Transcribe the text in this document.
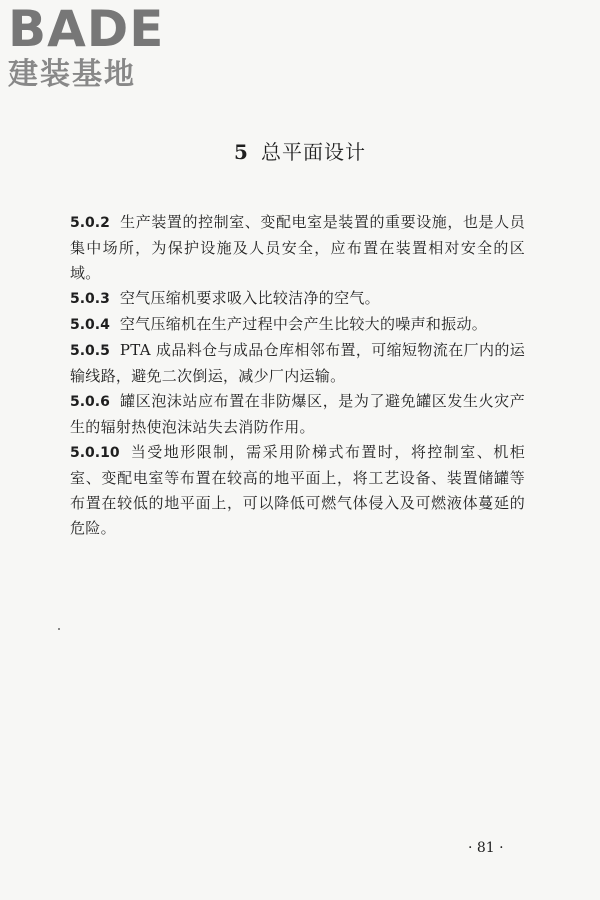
BADE
建装基地
5 总平面设计

5.0.2 生产装置的控制室、变配电室是装置的重要设施，也是人员集中场所，为保护设施及人员安全，应布置在装置相对安全的区域。

5.0.3 空气压缩机要求吸入比较洁净的空气。

5.0.4 空气压缩机在生产过程中会产生比较大的噪声和振动。

5.0.5 PTA 成品料仓与成品仓库相邻布置，可缩短物流在厂内的运输线路，避免二次倒运，减少厂内运输。

5.0.6 罐区泡沫站应布置在非防爆区，是为了避免罐区发生火灾产生的辐射热使泡沫站失去消防作用。

5.0.10 当受地形限制，需采用阶梯式布置时，将控制室、机柜室、变配电室等布置在较高的地平面上，将工艺设备、装置储罐等布置在较低的地平面上，可以降低可燃气体侵入及可燃液体蔓延的危险。

· 81 ·
